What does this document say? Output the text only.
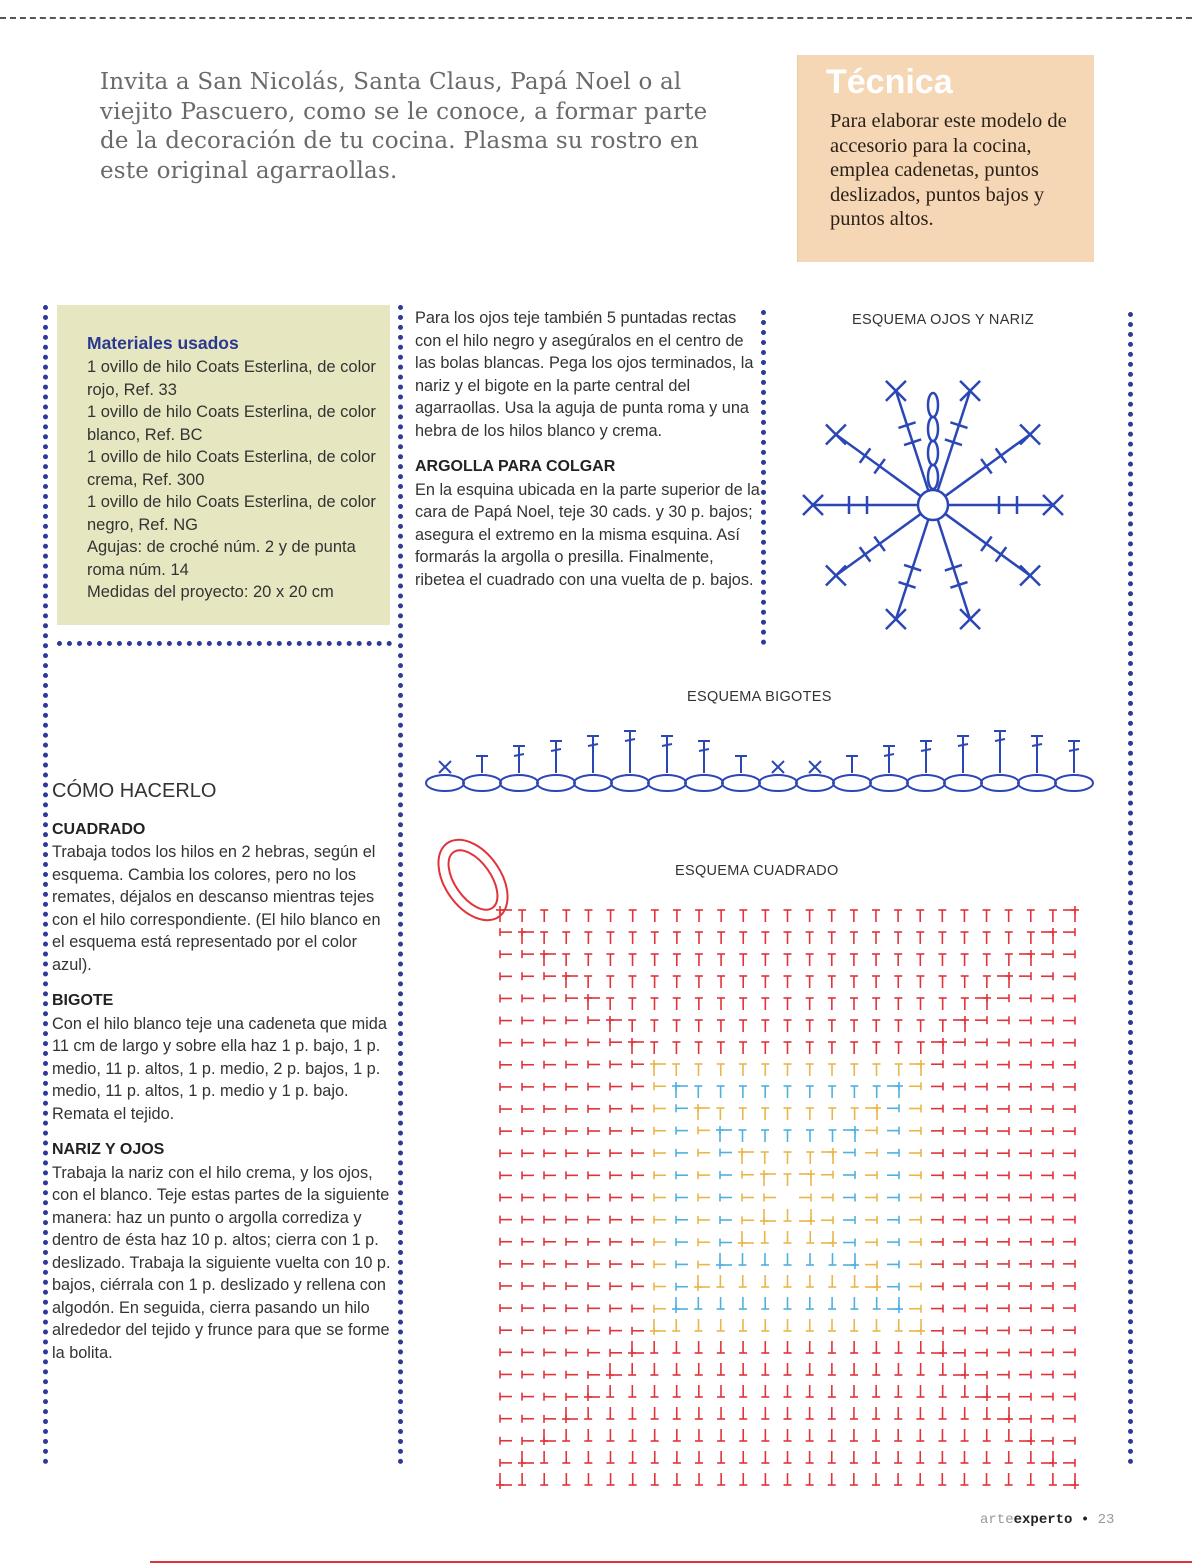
Invita a San Nicolás, Santa Claus, Papá Noel o al viejito Pascuero, como se le conoce, a formar parte de la decoración de tu cocina. Plasma su rostro en este original agarraollas.
Técnica

Para elaborar este modelo de accesorio para la cocina, emplea cadenetas, puntos deslizados, puntos bajos y puntos altos.

Materiales usados
1 ovillo de hilo Coats Esterlina, de color rojo, Ref. 33
1 ovillo de hilo Coats Esterlina, de color blanco, Ref. BC
1 ovillo de hilo Coats Esterlina, de color crema, Ref. 300
1 ovillo de hilo Coats Esterlina, de color negro, Ref. NG
Agujas: de croché núm. 2 y de punta roma núm. 14
Medidas del proyecto: 20 x 20 cm
CÓMO HACERLO
CUADRADO

Trabaja todos los hilos en 2 hebras, según el esquema. Cambia los colores, pero no los remates, déjalos en descanso mientras tejes con el hilo correspondiente. (El hilo blanco en el esquema está representado por el color azul).

BIGOTE

Con el hilo blanco teje una cadeneta que mida 11 cm de largo y sobre ella haz 1 p. bajo, 1 p. medio, 11 p. altos, 1 p. medio, 2 p. bajos, 1 p. medio, 11 p. altos, 1 p. medio y 1 p. bajo. Remata el tejido.

NARIZ Y OJOS

Trabaja la nariz con el hilo crema, y los ojos, con el blanco. Teje estas partes de la siguiente manera: haz un punto o argolla corrediza y dentro de ésta haz 10 p. altos; cierra con 1 p. deslizado. Trabaja la siguiente vuelta con 10 p. bajos, ciérrala con 1 p. deslizado y rellena con algodón. En seguida, cierra pasando un hilo alrededor del tejido y frunce para que se forme la bolita.

Para los ojos teje también 5 puntadas rectas con el hilo negro y asegúralos en el centro de las bolas blancas. Pega los ojos terminados, la nariz y el bigote en la parte central del agarraollas. Usa la aguja de punta roma y una hebra de los hilos blanco y crema.

ARGOLLA PARA COLGAR

En la esquina ubicada en la parte superior de la cara de Papá Noel, teje 30 cads. y 30 p. bajos; asegura el extremo en la misma esquina. Así formarás la argolla o presilla. Finalmente, ribetea el cuadrado con una vuelta de p. bajos.

ESQUEMA OJOS Y NARIZ
ESQUEMA BIGOTES
ESQUEMA CUADRADO
arteexperto • 23
